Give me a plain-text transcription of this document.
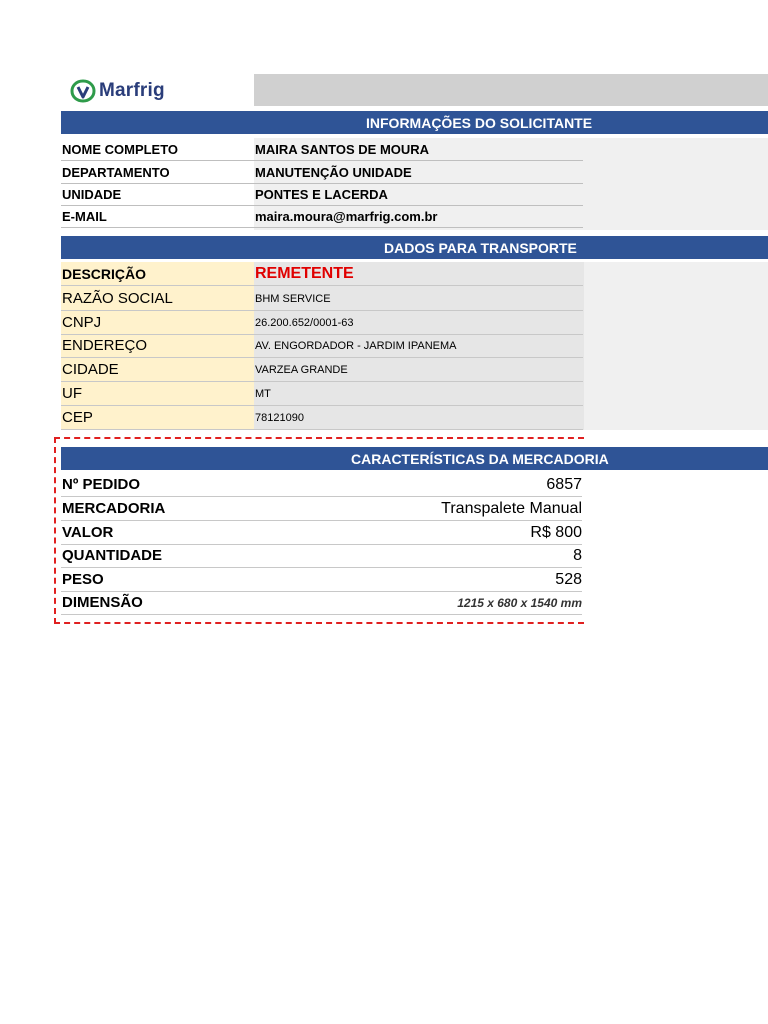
Marfrig
INFORMAÇÕES DO SOLICITANTE
NOME COMPLETO	MAIRA SANTOS DE MOURA
DEPARTAMENTO	MANUTENÇÃO UNIDADE
UNIDADE	PONTES E LACERDA
E-MAIL	maira.moura@marfrig.com.br
DADOS PARA TRANSPORTE
DESCRIÇÃO	REMETENTE
RAZÃO SOCIAL	BHM SERVICE
CNPJ	26.200.652/0001-63
ENDEREÇO	AV. ENGORDADOR - JARDIM IPANEMA
CIDADE	VARZEA GRANDE
UF	MT
CEP	78121090
CARACTERÍSTICAS DA MERCADORIA
Nº PEDIDO	6857
MERCADORIA	Transpalete Manual
VALOR	R$ 800
QUANTIDADE	8
PESO	528
DIMENSÃO	1215 x 680 x 1540 mm
